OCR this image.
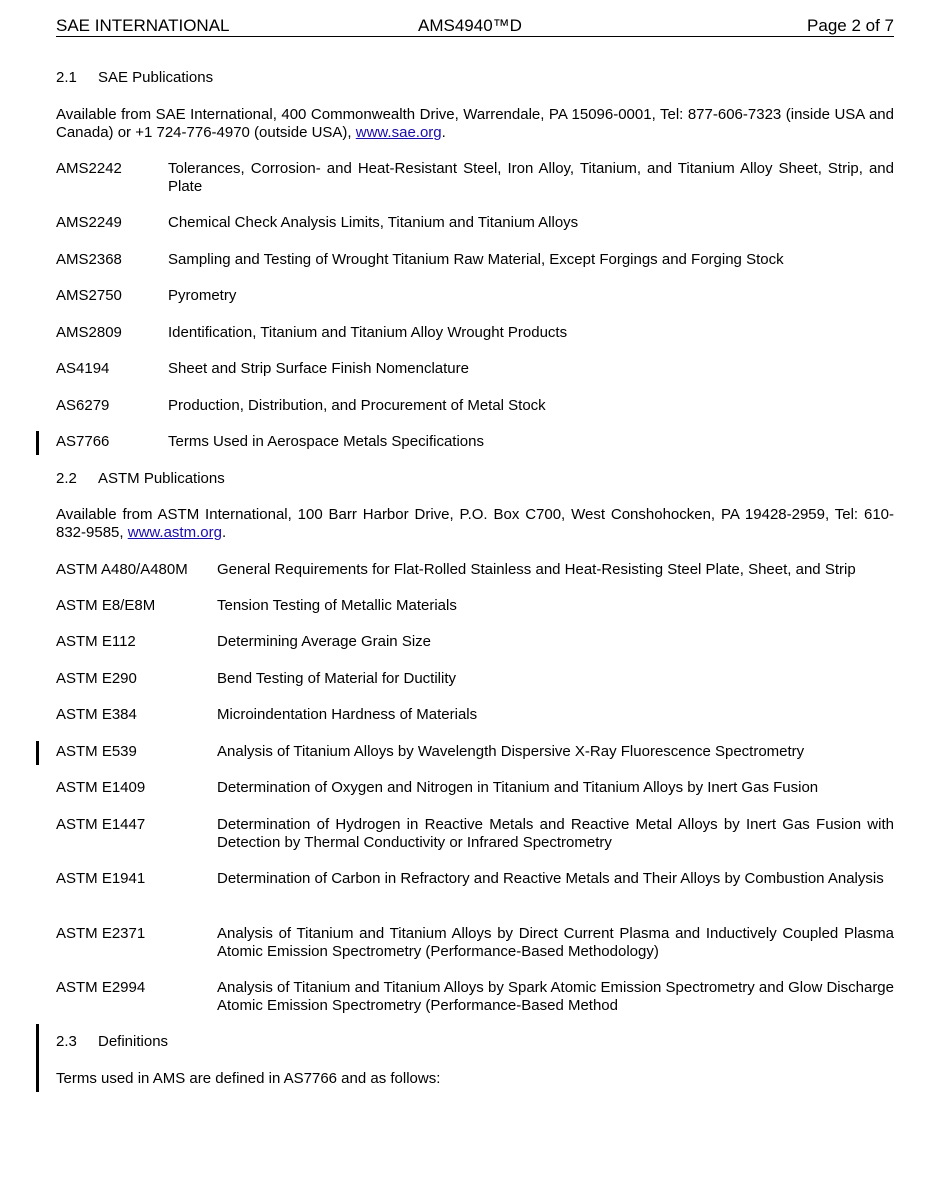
SAE INTERNATIONAL	AMS4940™D	Page 2 of 7
2.1 SAE Publications
Available from SAE International, 400 Commonwealth Drive, Warrendale, PA 15096-0001, Tel: 877-606-7323 (inside USA and Canada) or +1 724-776-4970 (outside USA), www.sae.org.
AMS2242	Tolerances, Corrosion- and Heat-Resistant Steel, Iron Alloy, Titanium, and Titanium Alloy Sheet, Strip, and Plate
AMS2249	Chemical Check Analysis Limits, Titanium and Titanium Alloys
AMS2368	Sampling and Testing of Wrought Titanium Raw Material, Except Forgings and Forging Stock
AMS2750	Pyrometry
AMS2809	Identification, Titanium and Titanium Alloy Wrought Products
AS4194	Sheet and Strip Surface Finish Nomenclature
AS6279	Production, Distribution, and Procurement of Metal Stock
AS7766	Terms Used in Aerospace Metals Specifications
2.2 ASTM Publications
Available from ASTM International, 100 Barr Harbor Drive, P.O. Box C700, West Conshohocken, PA 19428-2959, Tel: 610-832-9585, www.astm.org.
ASTM A480/A480M General Requirements for Flat-Rolled Stainless and Heat-Resisting Steel Plate, Sheet, and Strip
ASTM E8/E8M	Tension Testing of Metallic Materials
ASTM E112	Determining Average Grain Size
ASTM E290	Bend Testing of Material for Ductility
ASTM E384	Microindentation Hardness of Materials
ASTM E539	Analysis of Titanium Alloys by Wavelength Dispersive X-Ray Fluorescence Spectrometry
ASTM E1409	Determination of Oxygen and Nitrogen in Titanium and Titanium Alloys by Inert Gas Fusion
ASTM E1447	Determination of Hydrogen in Reactive Metals and Reactive Metal Alloys by Inert Gas Fusion with Detection by Thermal Conductivity or Infrared Spectrometry
ASTM E1941	Determination of Carbon in Refractory and Reactive Metals and Their Alloys by Combustion Analysis
ASTM E2371	Analysis of Titanium and Titanium Alloys by Direct Current Plasma and Inductively Coupled Plasma Atomic Emission Spectrometry (Performance-Based Methodology)
ASTM E2994	Analysis of Titanium and Titanium Alloys by Spark Atomic Emission Spectrometry and Glow Discharge Atomic Emission Spectrometry (Performance-Based Method
2.3 Definitions
Terms used in AMS are defined in AS7766 and as follows:
